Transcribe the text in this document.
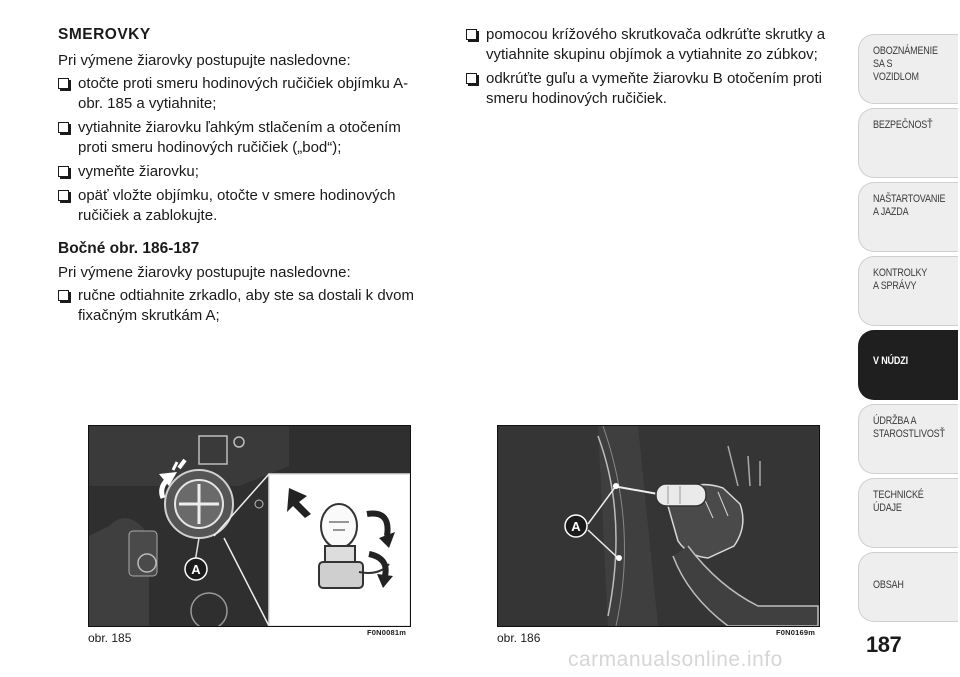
SMEROVKY
Pri výmene žiarovky postupujte nasledovne:
otočte proti smeru hodinových ručičiek objímku A-obr. 185 a vytiahnite;
vytiahnite žiarovku ľahkým stlačením a otočením proti smeru hodinových ručičiek („bod“);
vymeňte žiarovku;
opäť vložte objímku, otočte v smere hodinových ručičiek a zablokujte.
Bočné obr. 186-187
Pri výmene žiarovky postupujte nasledovne:
ručne odtiahnite zrkadlo, aby ste sa dostali k dvom fixačným skrutkám A;
pomocou krížového skrutkovača odkrúťte skrutky a vytiahnite skupinu objímok a vytiahnite zo zúbkov;
odkrúťte guľu a vymeňte žiarovku B otočením proti smeru hodinových ručičiek.
A
obr. 185	F0N0081m
A
obr. 186	F0N0169m
OBOZNÁMENIE
SA S VOZIDLOM
BEZPEČNOSŤ
NAŠTARTOVANIE
A JAZDA
KONTROLKY
A SPRÁVY
V NÚDZI
ÚDRŽBA A
STAROSTLIVOSŤ
TECHNICKÉ
ÚDAJE
OBSAH
187
carmanualsonline.info
